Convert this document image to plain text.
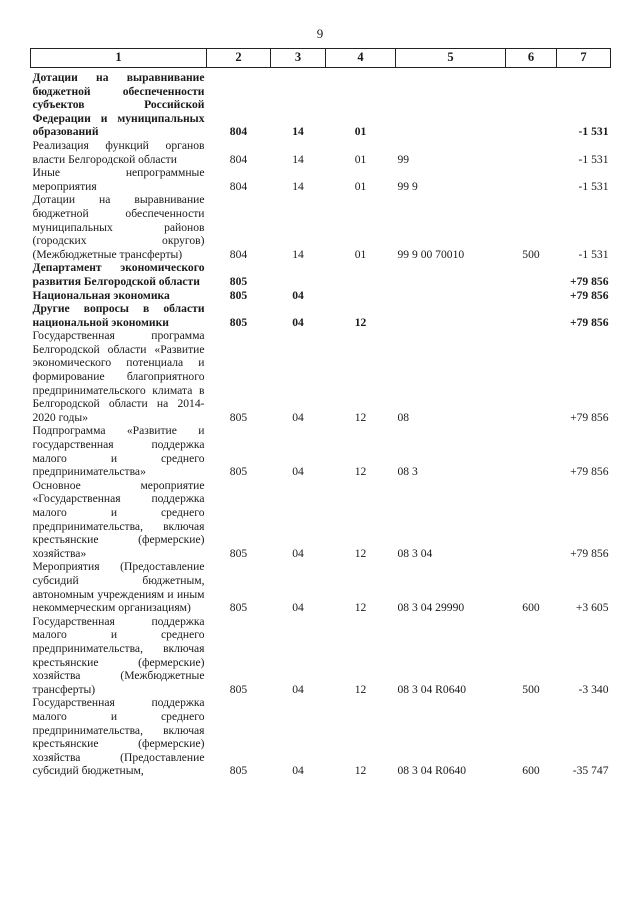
9
1	2	3	4	5	6	7
Дотации на выравнивание бюджетной обеспеченности субъектов Российской Федерации и муниципальных образований	804	14	01			-1 531
Реализация функций органов власти Белгородской области	804	14	01	99		-1 531
Иные непрограммные мероприятия	804	14	01	99 9		-1 531
Дотации на выравнивание бюджетной обеспеченности муниципальных районов (городских округов) (Межбюджетные трансферты)	804	14	01	99 9 00 70010	500	-1 531
Департамент экономического развития Белгородской области	805					+79 856
Национальная экономика	805	04				+79 856
Другие вопросы в области национальной экономики	805	04	12			+79 856
Государственная программа Белгородской области «Развитие экономического потенциала и формирование благоприятного предпринимательского климата в Белгородской области на 2014-2020 годы»	805	04	12	08		+79 856
Подпрограмма «Развитие и государственная поддержка малого и среднего предпринимательства»	805	04	12	08 3		+79 856
Основное мероприятие «Государственная поддержка малого и среднего предпринимательства, включая крестьянские (фермерские) хозяйства»	805	04	12	08 3 04		+79 856
Мероприятия (Предоставление субсидий бюджетным, автономным учреждениям и иным некоммерческим организациям)	805	04	12	08 3 04 29990	600	+3 605
Государственная поддержка малого и среднего предпринимательства, включая крестьянские (фермерские) хозяйства (Межбюджетные трансферты)	805	04	12	08 3 04 R0640	500	-3 340
Государственная поддержка малого и среднего предпринимательства, включая крестьянские (фермерские) хозяйства (Предоставление субсидий бюджетным,	805	04	12	08 3 04 R0640	600	-35 747
